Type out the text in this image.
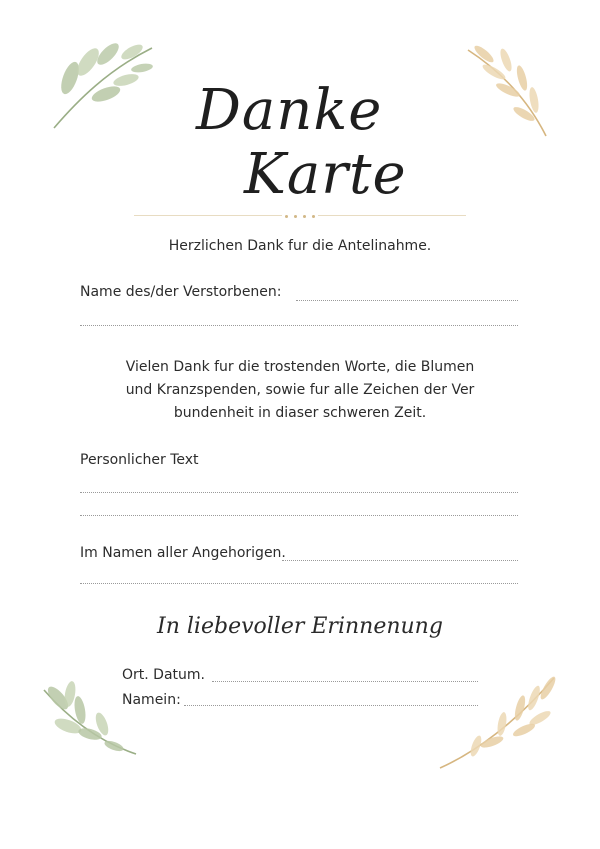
Danke
Karte
Herzlichen Dank fur die Antelinahme.
Name des/der Verstorbenen:
Vielen Dank fur die trostenden Worte, die Blumen
und Kranzspenden, sowie fur alle Zeichen der Ver
bundenheit in diaser schweren Zeit.
Personlicher Text
Im Namen aller Angehorigen.
In liebevoller Erinnenung
Ort. Datum.
Namein:
